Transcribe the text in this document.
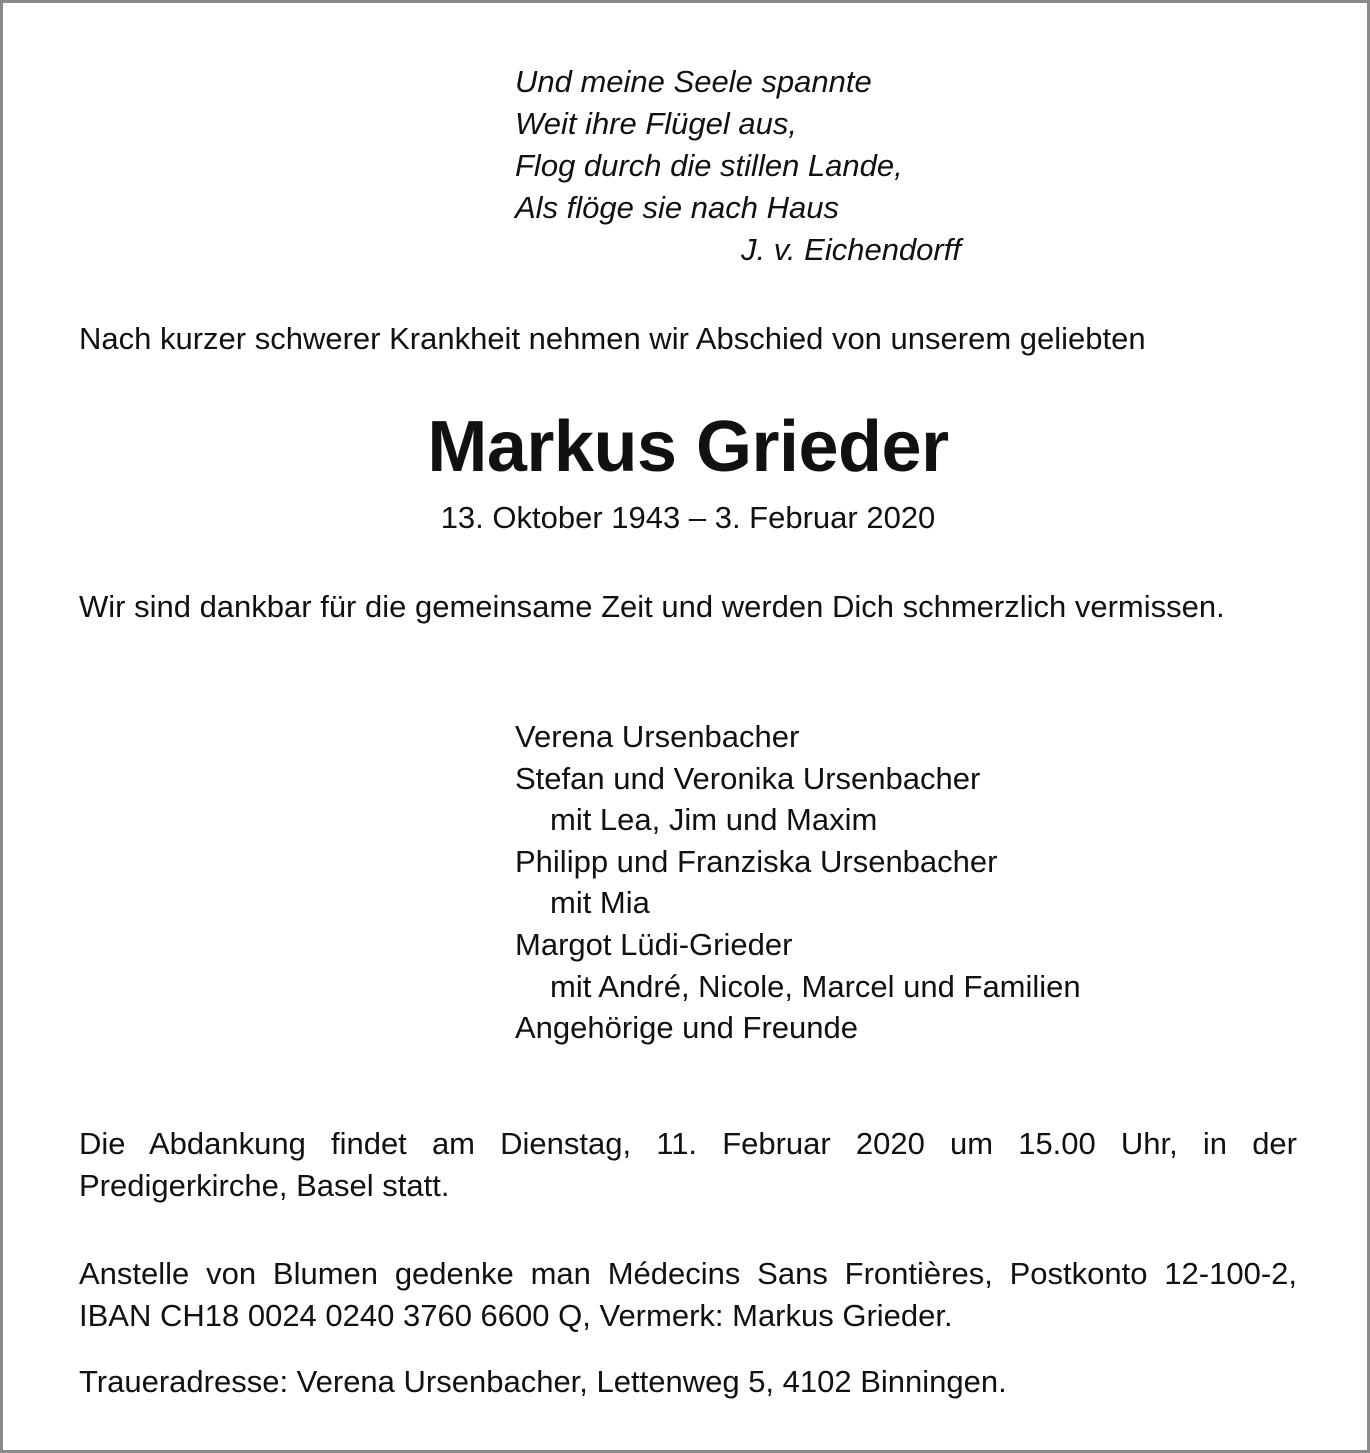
Und meine Seele spannte
Weit ihre Flügel aus,
Flog durch die stillen Lande,
Als flöge sie nach Haus
J. v. Eichendorff
Nach kurzer schwerer Krankheit nehmen wir Abschied von unserem geliebten
Markus Grieder
13. Oktober 1943 – 3. Februar 2020
Wir sind dankbar für die gemeinsame Zeit und werden Dich schmerzlich vermissen.
Verena Ursenbacher
Stefan und Veronika Ursenbacher
mit Lea, Jim und Maxim
Philipp und Franziska Ursenbacher
mit Mia
Margot Lüdi-Grieder
mit André, Nicole, Marcel und Familien
Angehörige und Freunde
Die Abdankung findet am Dienstag, 11. Februar 2020 um 15.00 Uhr, in der Predigerkirche, Basel statt.
Anstelle von Blumen gedenke man Médecins Sans Frontières, Postkonto 12-100-2, IBAN CH18 0024 0240 3760 6600 Q, Vermerk: Markus Grieder.
Traueradresse: Verena Ursenbacher, Lettenweg 5, 4102 Binningen.
